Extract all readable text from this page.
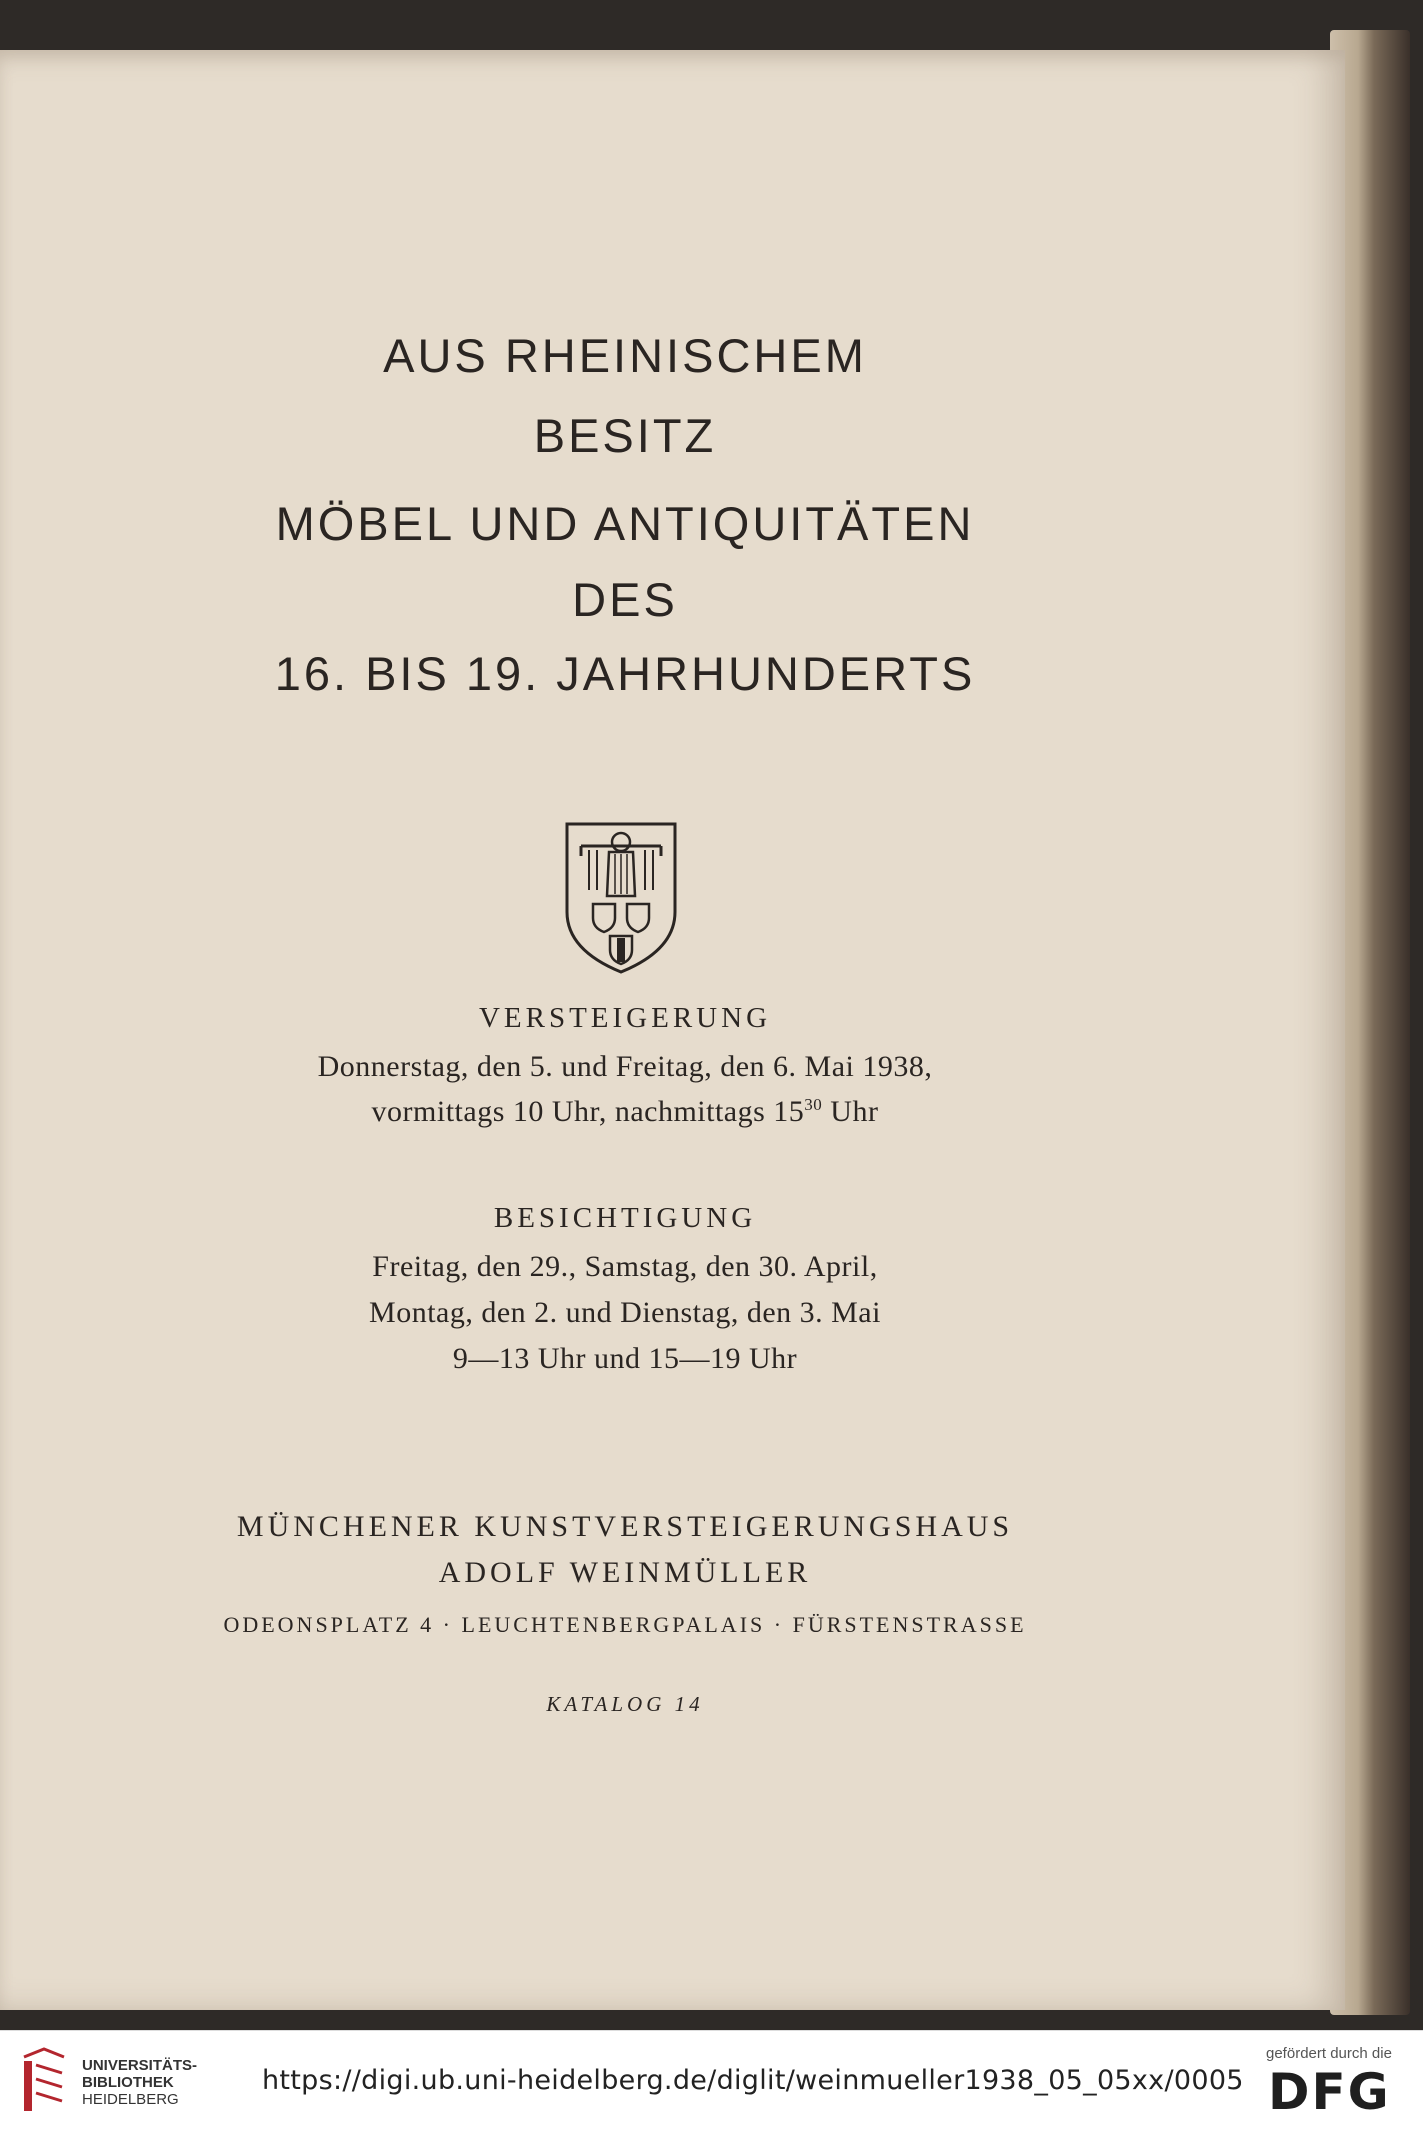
AUS RHEINISCHEM
BESITZ
MÖBEL UND ANTIQUITÄTEN
DES
16. BIS 19. JAHRHUNDERTS
VERSTEIGERUNG
Donnerstag, den 5. und Freitag, den 6. Mai 1938,
vormittags 10 Uhr, nachmittags $15^{30}$ Uhr
BESICHTIGUNG
Freitag, den 29., Samstag, den 30. April,
Montag, den 2. und Dienstag, den 3. Mai
9—13 Uhr und 15—19 Uhr
MÜNCHENER KUNSTVERSTEIGERUNGSHAUS
ADOLF WEINMÜLLER
ODEONSPLATZ 4 · LEUCHTENBERGPALAIS · FÜRSTENSTRASSE
KATALOG 14
UNIVERSITÄTS-
BIBLIOTHEK
HEIDELBERG
https://digi.ub.uni-heidelberg.de/diglit/weinmueller1938_05_05xx/0005
gefördert durch die
DFG
